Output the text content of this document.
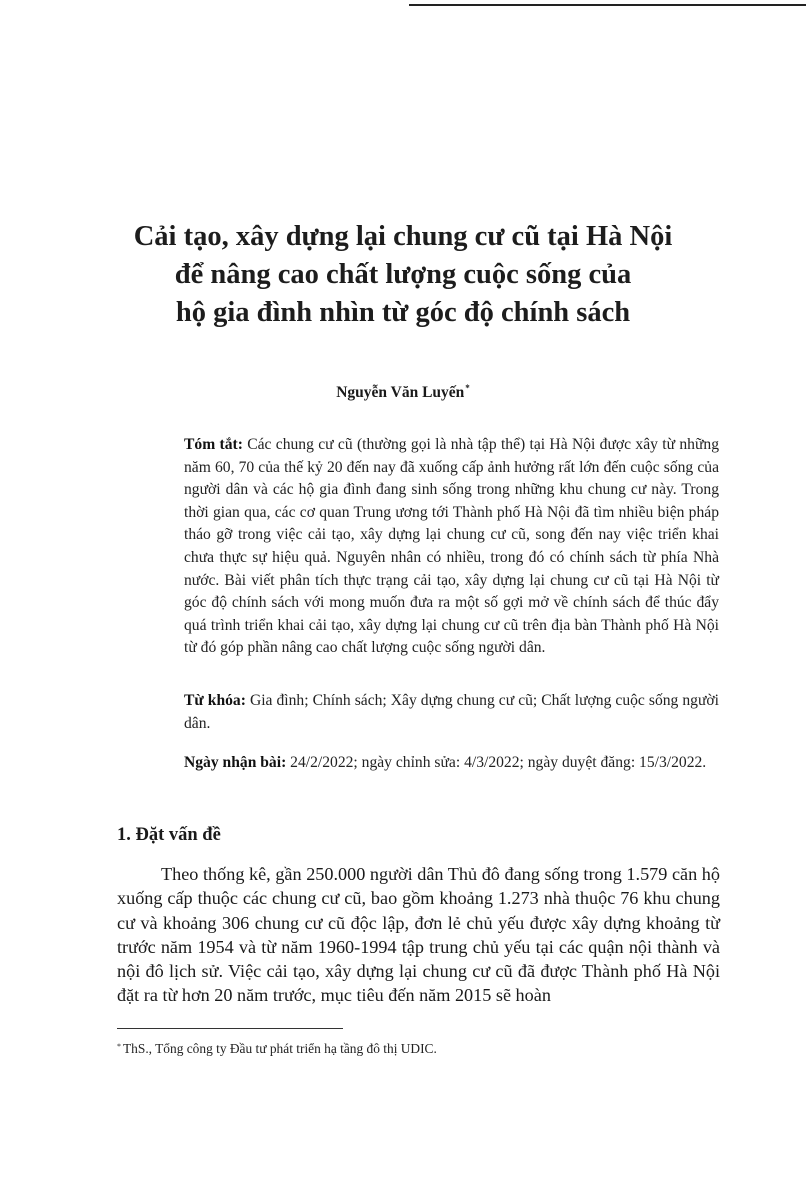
Cải tạo, xây dựng lại chung cư cũ tại Hà Nội
để nâng cao chất lượng cuộc sống của
hộ gia đình nhìn từ góc độ chính sách
Nguyễn Văn Luyến*
Tóm tắt: Các chung cư cũ (thường gọi là nhà tập thể) tại Hà Nội được xây từ những năm 60, 70 của thế kỷ 20 đến nay đã xuống cấp ảnh hưởng rất lớn đến cuộc sống của người dân và các hộ gia đình đang sinh sống trong những khu chung cư này. Trong thời gian qua, các cơ quan Trung ương tới Thành phố Hà Nội đã tìm nhiều biện pháp tháo gỡ trong việc cải tạo, xây dựng lại chung cư cũ, song đến nay việc triển khai chưa thực sự hiệu quả. Nguyên nhân có nhiều, trong đó có chính sách từ phía Nhà nước. Bài viết phân tích thực trạng cải tạo, xây dựng lại chung cư cũ tại Hà Nội từ góc độ chính sách với mong muốn đưa ra một số gợi mở về chính sách để thúc đẩy quá trình triển khai cải tạo, xây dựng lại chung cư cũ trên địa bàn Thành phố Hà Nội từ đó góp phần nâng cao chất lượng cuộc sống người dân.
Từ khóa: Gia đình; Chính sách; Xây dựng chung cư cũ; Chất lượng cuộc sống người dân.
Ngày nhận bài: 24/2/2022; ngày chỉnh sửa: 4/3/2022; ngày duyệt đăng: 15/3/2022.
1. Đặt vấn đề
Theo thống kê, gần 250.000 người dân Thủ đô đang sống trong 1.579 căn hộ xuống cấp thuộc các chung cư cũ, bao gồm khoảng 1.273 nhà thuộc 76 khu chung cư và khoảng 306 chung cư cũ độc lập, đơn lẻ chủ yếu được xây dựng khoảng từ trước năm 1954 và từ năm 1960-1994 tập trung chủ yếu tại các quận nội thành và nội đô lịch sử. Việc cải tạo, xây dựng lại chung cư cũ đã được Thành phố Hà Nội đặt ra từ hơn 20 năm trước, mục tiêu đến năm 2015 sẽ hoàn
* ThS., Tổng công ty Đầu tư phát triển hạ tầng đô thị UDIC.
